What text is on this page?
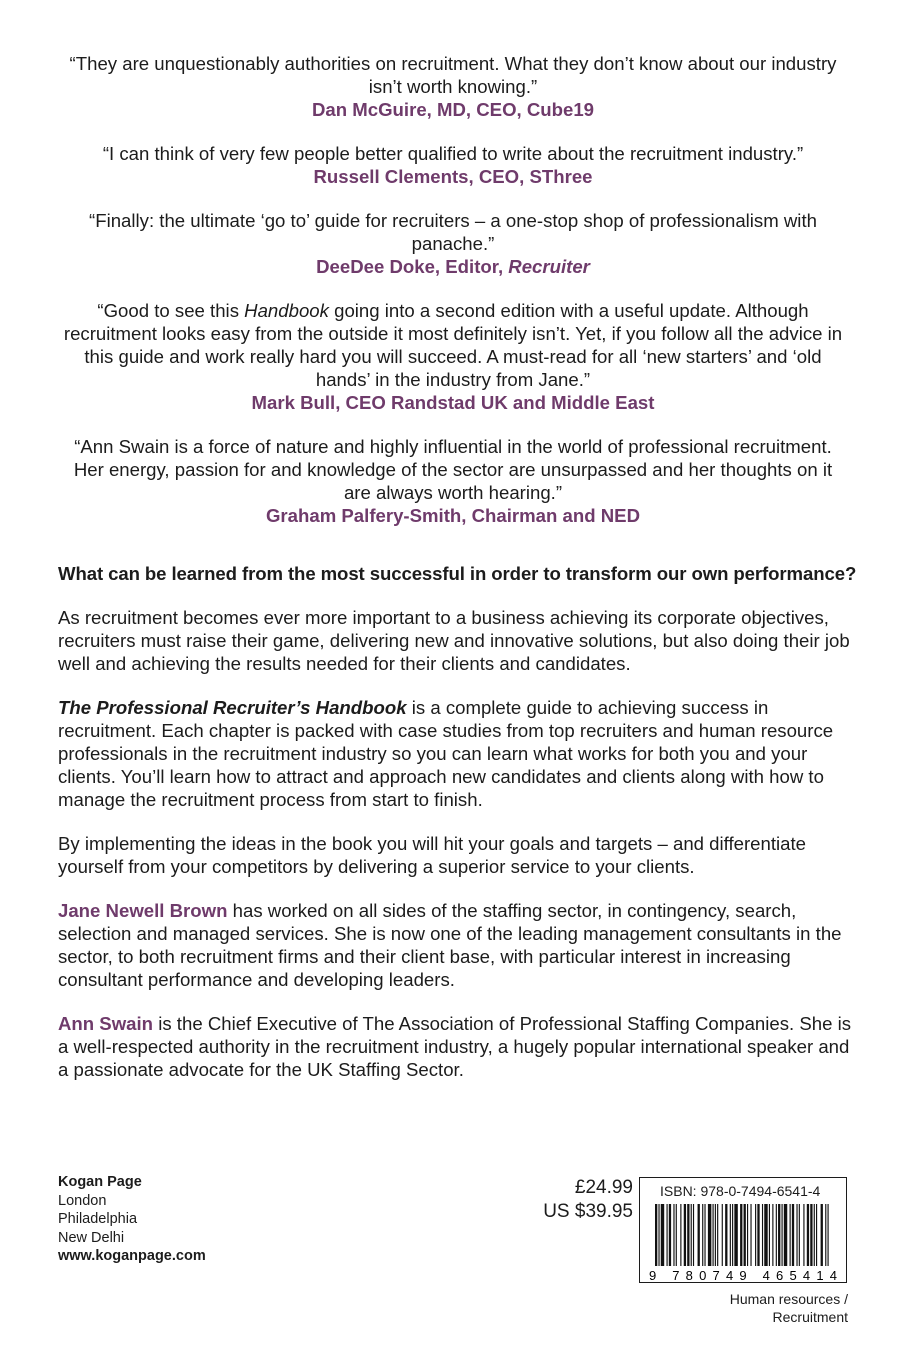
“They are unquestionably authorities on recruitment. What they don’t know about our industry isn’t worth knowing.”
Dan McGuire, MD, CEO, Cube19
“I can think of very few people better qualified to write about the recruitment industry.”
Russell Clements, CEO, SThree
“Finally: the ultimate ‘go to’ guide for recruiters – a one-stop shop of professionalism with panache.”
DeeDee Doke, Editor, Recruiter
“Good to see this Handbook going into a second edition with a useful update. Although recruitment looks easy from the outside it most definitely isn’t. Yet, if you follow all the advice in this guide and work really hard you will succeed. A must-read for all ‘new starters’ and ‘old hands’ in the industry from Jane.”
Mark Bull, CEO Randstad UK and Middle East
“Ann Swain is a force of nature and highly influential in the world of professional recruitment. Her energy, passion for and knowledge of the sector are unsurpassed and her thoughts on it are always worth hearing.”
Graham Palfery-Smith, Chairman and NED

What can be learned from the most successful in order to transform our own performance?

As recruitment becomes ever more important to a business achieving its corporate objectives, recruiters must raise their game, delivering new and innovative solutions, but also doing their job well and achieving the results needed for their clients and candidates.

The Professional Recruiter’s Handbook is a complete guide to achieving success in recruitment. Each chapter is packed with case studies from top recruiters and human resource professionals in the recruitment industry so you can learn what works for both you and your clients. You’ll learn how to attract and approach new candidates and clients along with how to manage the recruitment process from start to finish.

By implementing the ideas in the book you will hit your goals and targets – and differentiate yourself from your competitors by delivering a superior service to your clients.

Jane Newell Brown has worked on all sides of the staffing sector, in contingency, search, selection and managed services. She is now one of the leading management consultants in the sector, to both recruitment firms and their client base, with particular interest in increasing consultant performance and developing leaders.

Ann Swain is the Chief Executive of The Association of Professional Staffing Companies. She is a well-respected authority in the recruitment industry, a hugely popular international speaker and a passionate advocate for the UK Staffing Sector.

Kogan Page
London
Philadelphia
New Delhi
www.koganpage.com
£24.99
US $39.95
ISBN: 978-0-7494-6541-4
9 780749 465414
Human resources /
Recruitment
